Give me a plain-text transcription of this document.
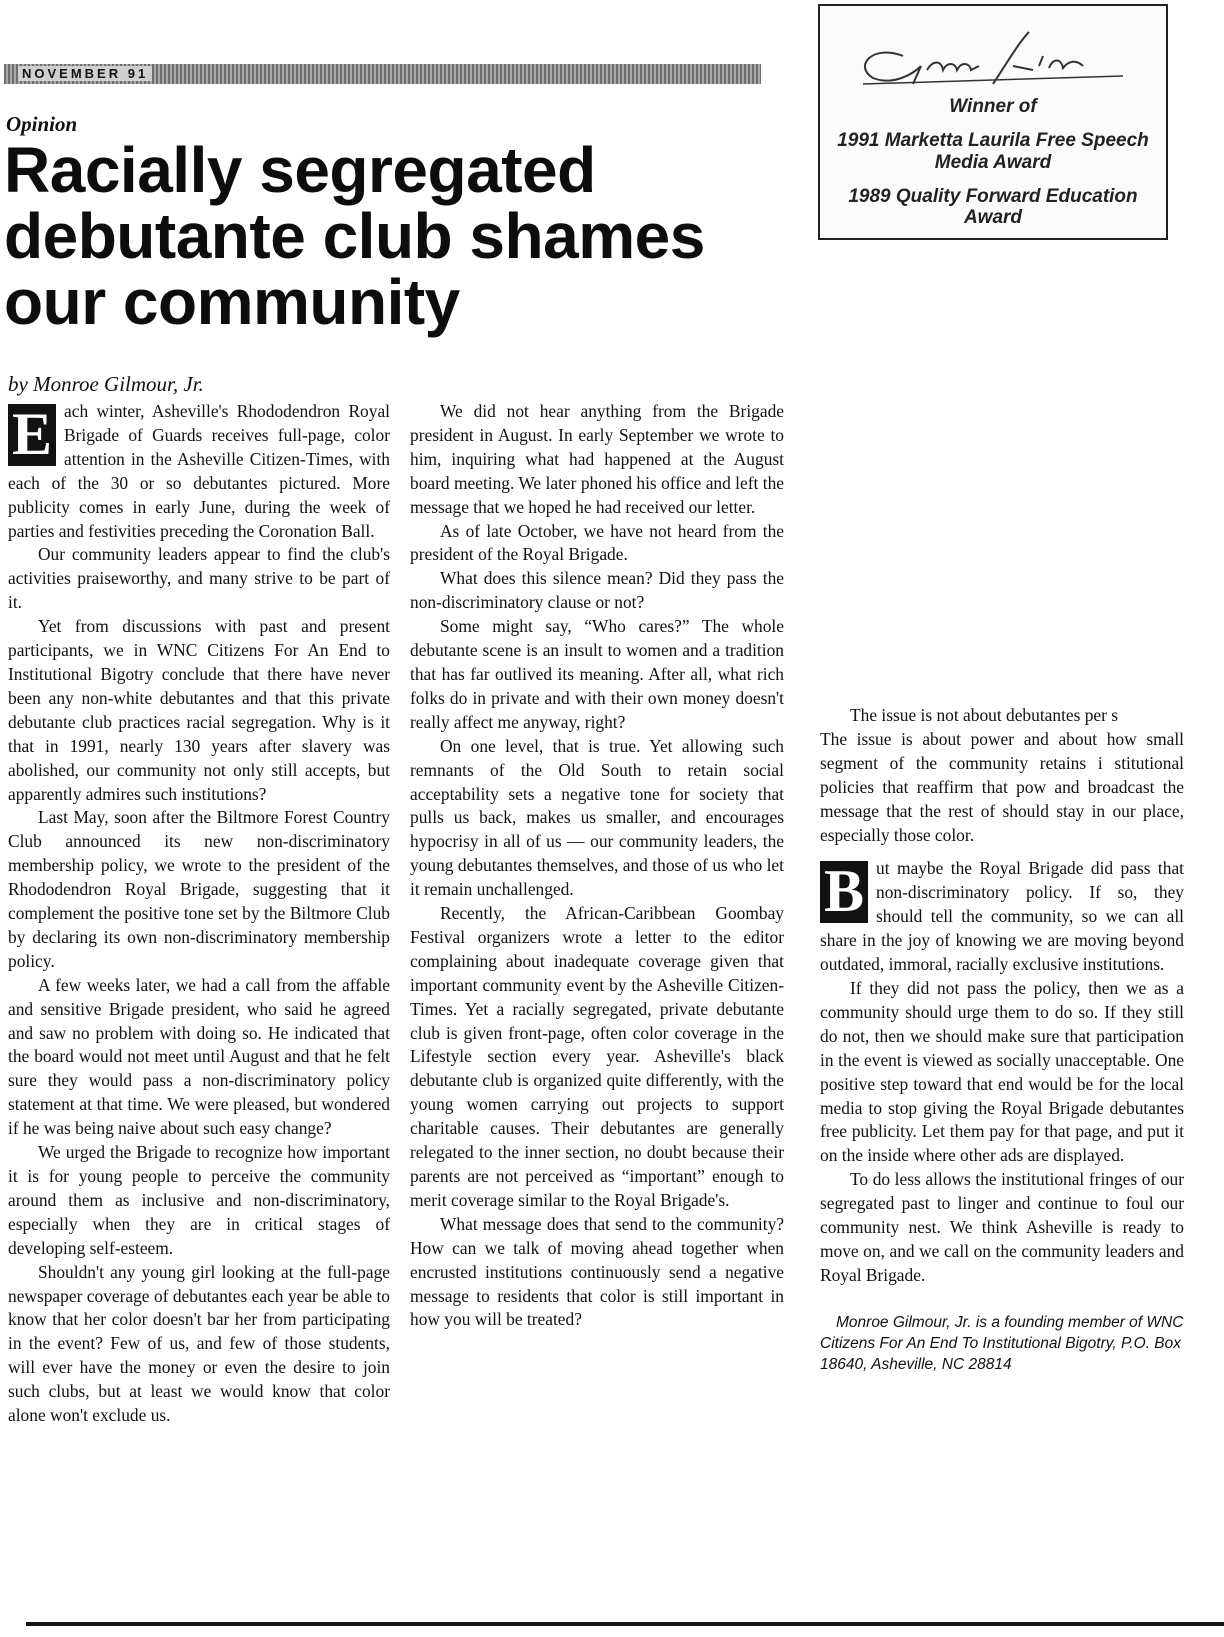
NOVEMBER 91

Winner of

1991 Marketta Laurila Free Speech Media Award

1989 Quality Forward Education Award

Opinion
Racially segregated debutante club shames our community
by Monroe Gilmour, Jr.

E ach winter, Asheville's Rhododendron Royal Brigade of Guards receives full-page, color attention in the Asheville Citizen-Times, with each of the 30 or so debutantes pictured. More publicity comes in early June, during the week of parties and festivities preceding the Coronation Ball.

Our community leaders appear to find the club's activities praiseworthy, and many strive to be part of it.

Yet from discussions with past and present participants, we in WNC Citizens For An End to Institutional Bigotry conclude that there have never been any non-white debutantes and that this private debutante club practices racial segregation. Why is it that in 1991, nearly 130 years after slavery was abolished, our community not only still accepts, but apparently admires such institutions?

Last May, soon after the Biltmore Forest Country Club announced its new non-discriminatory membership policy, we wrote to the president of the Rhododendron Royal Brigade, suggesting that it complement the positive tone set by the Biltmore Club by declaring its own non-discriminatory membership policy.

A few weeks later, we had a call from the affable and sensitive Brigade president, who said he agreed and saw no problem with doing so. He indicated that the board would not meet until August and that he felt sure they would pass a non-discriminatory policy statement at that time. We were pleased, but wondered if he was being naive about such easy change?

We urged the Brigade to recognize how important it is for young people to perceive the community around them as inclusive and non-discriminatory, especially when they are in critical stages of developing self-esteem.

Shouldn't any young girl looking at the full-page newspaper coverage of debutantes each year be able to know that her color doesn't bar her from participating in the event? Few of us, and few of those students, will ever have the money or even the desire to join such clubs, but at least we would know that color alone won't exclude us.

We did not hear anything from the Brigade president in August. In early September we wrote to him, inquiring what had happened at the August board meeting. We later phoned his office and left the message that we hoped he had received our letter.

As of late October, we have not heard from the president of the Royal Brigade.

What does this silence mean? Did they pass the non-discriminatory clause or not?

Some might say, “Who cares?” The whole debutante scene is an insult to women and a tradition that has far outlived its meaning. After all, what rich folks do in private and with their own money doesn't really affect me anyway, right?

On one level, that is true. Yet allowing such remnants of the Old South to retain social acceptability sets a negative tone for society that pulls us back, makes us smaller, and encourages hypocrisy in all of us — our community leaders, the young debutantes themselves, and those of us who let it remain unchallenged.

Recently, the African-Caribbean Goombay Festival organizers wrote a letter to the editor complaining about inadequate coverage given that important community event by the Asheville Citizen-Times. Yet a racially segregated, private debutante club is given front-page, often color coverage in the Lifestyle section every year. Asheville's black debutante club is organized quite differently, with the young women carrying out projects to support charitable causes. Their debutantes are generally relegated to the inner section, no doubt because their parents are not perceived as “important” enough to merit coverage similar to the Royal Brigade's.

What message does that send to the community? How can we talk of moving ahead together when encrusted institutions continuously send a negative message to residents that color is still important in how you will be treated?

The issue is not about debutantes per s

The issue is about power and about how small segment of the community retains i stitutional policies that reaffirm that pow and broadcast the message that the rest of should stay in our place, especially those color.

B ut maybe the Royal Brigade did pass that non-discriminatory policy. If so, they should tell the community, so we can all share in the joy of knowing we are moving beyond outdated, immoral, racially exclusive institutions.

If they did not pass the policy, then we as a community should urge them to do so. If they still do not, then we should make sure that participation in the event is viewed as socially unacceptable. One positive step toward that end would be for the local media to stop giving the Royal Brigade debutantes free publicity. Let them pay for that page, and put it on the inside where other ads are displayed.

To do less allows the institutional fringes of our segregated past to linger and continue to foul our community nest. We think Asheville is ready to move on, and we call on the community leaders and Royal Brigade.

Monroe Gilmour, Jr. is a founding member of WNC Citizens For An End To Institutional Bigotry, P.O. Box 18640, Asheville, NC 28814
